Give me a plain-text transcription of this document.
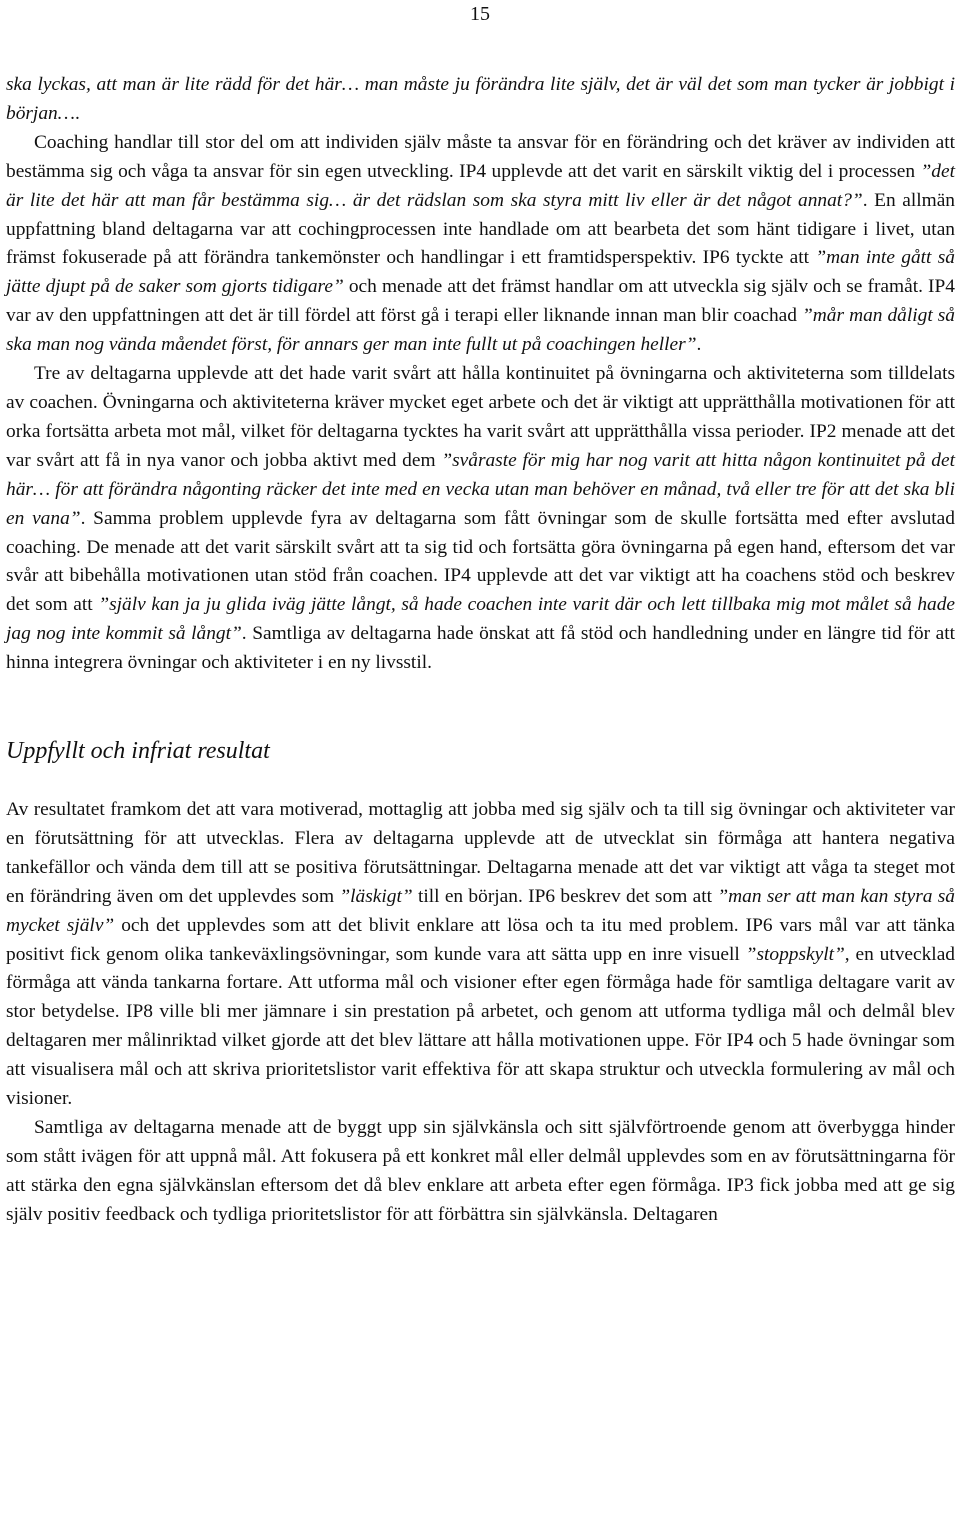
15

ska lyckas, att man är lite rädd för det här… man måste ju förändra lite själv, det är väl det som man tycker är jobbigt i början….

Coaching handlar till stor del om att individen själv måste ta ansvar för en förändring och det kräver av individen att bestämma sig och våga ta ansvar för sin egen utveckling. IP4 upplevde att det varit en särskilt viktig del i processen ”det är lite det här att man får bestämma sig… är det rädslan som ska styra mitt liv eller är det något annat?”. En allmän uppfattning bland deltagarna var att cochingprocessen inte handlade om att bearbeta det som hänt tidigare i livet, utan främst fokuserade på att förändra tankemönster och handlingar i ett framtidsperspektiv. IP6 tyckte att ”man inte gått så jätte djupt på de saker som gjorts tidigare” och menade att det främst handlar om att utveckla sig själv och se framåt. IP4 var av den uppfattningen att det är till fördel att först gå i terapi eller liknande innan man blir coachad ”mår man dåligt så ska man nog vända måendet först, för annars ger man inte fullt ut på coachingen heller”.

Tre av deltagarna upplevde att det hade varit svårt att hålla kontinuitet på övningarna och aktiviteterna som tilldelats av coachen. Övningarna och aktiviteterna kräver mycket eget arbete och det är viktigt att upprätthålla motivationen för att orka fortsätta arbeta mot mål, vilket för deltagarna tycktes ha varit svårt att upprätthålla vissa perioder. IP2 menade att det var svårt att få in nya vanor och jobba aktivt med dem ”svåraste för mig har nog varit att hitta någon kontinuitet på det här… för att förändra någonting räcker det inte med en vecka utan man behöver en månad, två eller tre för att det ska bli en vana”. Samma problem upplevde fyra av deltagarna som fått övningar som de skulle fortsätta med efter avslutad coaching. De menade att det varit särskilt svårt att ta sig tid och fortsätta göra övningarna på egen hand, eftersom det var svår att bibehålla motivationen utan stöd från coachen. IP4 upplevde att det var viktigt att ha coachens stöd och beskrev det som att ”själv kan ja ju glida iväg jätte långt, så hade coachen inte varit där och lett tillbaka mig mot målet så hade jag nog inte kommit så långt”. Samtliga av deltagarna hade önskat att få stöd och handledning under en längre tid för att hinna integrera övningar och aktiviteter i en ny livsstil.

Uppfyllt och infriat resultat

Av resultatet framkom det att vara motiverad, mottaglig att jobba med sig själv och ta till sig övningar och aktiviteter var en förutsättning för att utvecklas. Flera av deltagarna upplevde att de utvecklat sin förmåga att hantera negativa tankefällor och vända dem till att se positiva förutsättningar. Deltagarna menade att det var viktigt att våga ta steget mot en förändring även om det upplevdes som ”läskigt” till en början. IP6 beskrev det som att ”man ser att man kan styra så mycket själv” och det upplevdes som att det blivit enklare att lösa och ta itu med problem. IP6 vars mål var att tänka positivt fick genom olika tankeväxlingsövningar, som kunde vara att sätta upp en inre visuell ”stoppskylt”, en utvecklad förmåga att vända tankarna fortare. Att utforma mål och visioner efter egen förmåga hade för samtliga deltagare varit av stor betydelse. IP8 ville bli mer jämnare i sin prestation på arbetet, och genom att utforma tydliga mål och delmål blev deltagaren mer målinriktad vilket gjorde att det blev lättare att hålla motivationen uppe. För IP4 och 5 hade övningar som att visualisera mål och att skriva prioritetslistor varit effektiva för att skapa struktur och utveckla formulering av mål och visioner.

Samtliga av deltagarna menade att de byggt upp sin självkänsla och sitt självförtroende genom att överbygga hinder som stått ivägen för att uppnå mål. Att fokusera på ett konkret mål eller delmål upplevdes som en av förutsättningarna för att stärka den egna självkänslan eftersom det då blev enklare att arbeta efter egen förmåga. IP3 fick jobba med att ge sig själv positiv feedback och tydliga prioritetslistor för att förbättra sin självkänsla. Deltagaren
